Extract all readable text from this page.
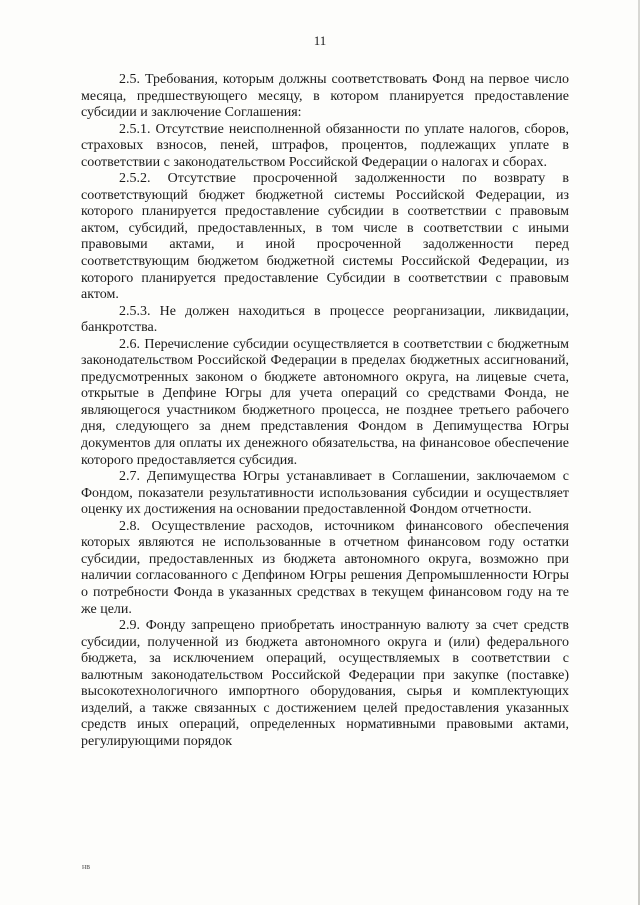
11

2.5. Требования, которым должны соответствовать Фонд на первое число месяца, предшествующего месяцу, в котором планируется предоставление субсидии и заключение Соглашения:

2.5.1. Отсутствие неисполненной обязанности по уплате налогов, сборов, страховых взносов, пеней, штрафов, процентов, подлежащих уплате в соответствии с законодательством Российской Федерации о налогах и сборах.

2.5.2. Отсутствие просроченной задолженности по возврату в соответствующий бюджет бюджетной системы Российской Федерации, из которого планируется предоставление субсидии в соответствии с правовым актом, субсидий, предоставленных, в том числе в соответствии с иными правовыми актами, и иной просроченной задолженности перед соответствующим бюджетом бюджетной системы Российской Федерации, из которого планируется предоставление Субсидии в соответствии с правовым актом.

2.5.3. Не должен находиться в процессе реорганизации, ликвидации, банкротства.

2.6. Перечисление субсидии осуществляется в соответствии с бюджетным законодательством Российской Федерации в пределах бюджетных ассигнований, предусмотренных законом о бюджете автономного округа, на лицевые счета, открытые в Депфине Югры для учета операций со средствами Фонда, не являющегося участником бюджетного процесса, не позднее третьего рабочего дня, следующего за днем представления Фондом в Депимущества Югры документов для оплаты их денежного обязательства, на финансовое обеспечение которого предоставляется субсидия.

2.7. Депимущества Югры устанавливает в Соглашении, заключаемом с Фондом, показатели результативности использования субсидии и осуществляет оценку их достижения на основании предоставленной Фондом отчетности.

2.8. Осуществление расходов, источником финансового обеспечения которых являются не использованные в отчетном финансовом году остатки субсидии, предоставленных из бюджета автономного округа, возможно при наличии согласованного с Депфином Югры решения Депромышленности Югры о потребности Фонда в указанных средствах в текущем финансовом году на те же цели.

2.9. Фонду запрещено приобретать иностранную валюту за счет средств субсидии, полученной из бюджета автономного округа и (или) федерального бюджета, за исключением операций, осуществляемых в соответствии с валютным законодательством Российской Федерации при закупке (поставке) высокотехнологичного импортного оборудования, сырья и комплектующих изделий, а также связанных с достижением целей предоставления указанных средств иных операций, определенных нормативными правовыми актами, регулирующими порядок

нв
